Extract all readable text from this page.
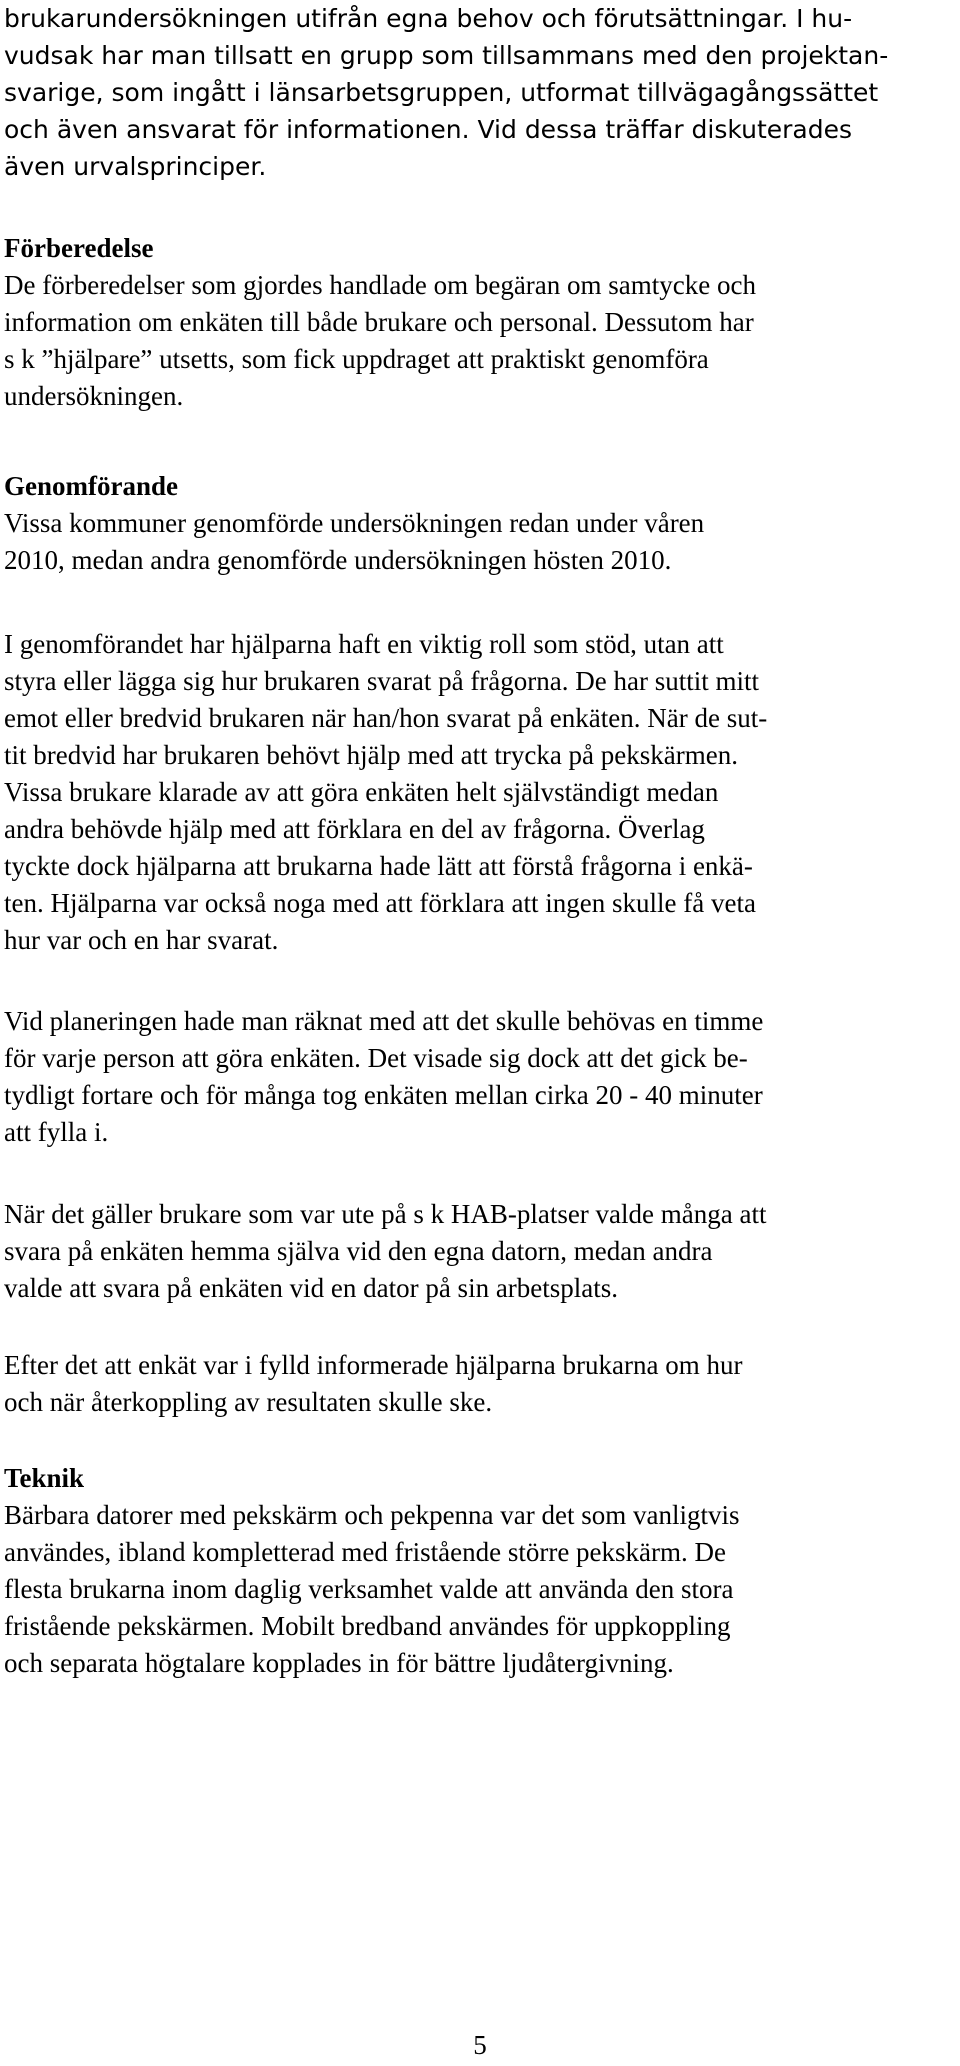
brukarundersökningen utifrån egna behov och förutsättningar. I hu-
vudsak har man tillsatt en grupp som tillsammans med den projektan-
svarige, som ingått i länsarbetsgruppen, utformat tillvägagångssättet
och även ansvarat för informationen. Vid dessa träffar diskuterades
även urvalsprinciper.
Förberedelse
De förberedelser som gjordes handlade om begäran om samtycke och
information om enkäten till både brukare och personal. Dessutom har
s k ”hjälpare” utsetts, som fick uppdraget att praktiskt genomföra
undersökningen.
Genomförande
Vissa kommuner genomförde undersökningen redan under våren
2010, medan andra genomförde undersökningen hösten 2010.
I genomförandet har hjälparna haft en viktig roll som stöd, utan att
styra eller lägga sig hur brukaren svarat på frågorna. De har suttit mitt
emot eller bredvid brukaren när han/hon svarat på enkäten. När de sut-
tit bredvid har brukaren behövt hjälp med att trycka på pekskärmen.
Vissa brukare klarade av att göra enkäten helt självständigt medan
andra behövde hjälp med att förklara en del av frågorna. Överlag
tyckte dock hjälparna att brukarna hade lätt att förstå frågorna i enkä-
ten. Hjälparna var också noga med att förklara att ingen skulle få veta
hur var och en har svarat.
Vid planeringen hade man räknat med att det skulle behövas en timme
för varje person att göra enkäten. Det visade sig dock att det gick be-
tydligt fortare och för många tog enkäten mellan cirka 20 - 40 minuter
att fylla i.
När det gäller brukare som var ute på s k HAB-platser valde många att
svara på enkäten hemma själva vid den egna datorn, medan andra
valde att svara på enkäten vid en dator på sin arbetsplats.
Efter det att enkät var i fylld informerade hjälparna brukarna om hur
och när återkoppling av resultaten skulle ske.
Teknik
Bärbara datorer med pekskärm och pekpenna var det som vanligtvis
användes, ibland kompletterad med fristående större pekskärm. De
flesta brukarna inom daglig verksamhet valde att använda den stora
fristående pekskärmen. Mobilt bredband användes för uppkoppling
och separata högtalare kopplades in för bättre ljudåtergivning.
5
